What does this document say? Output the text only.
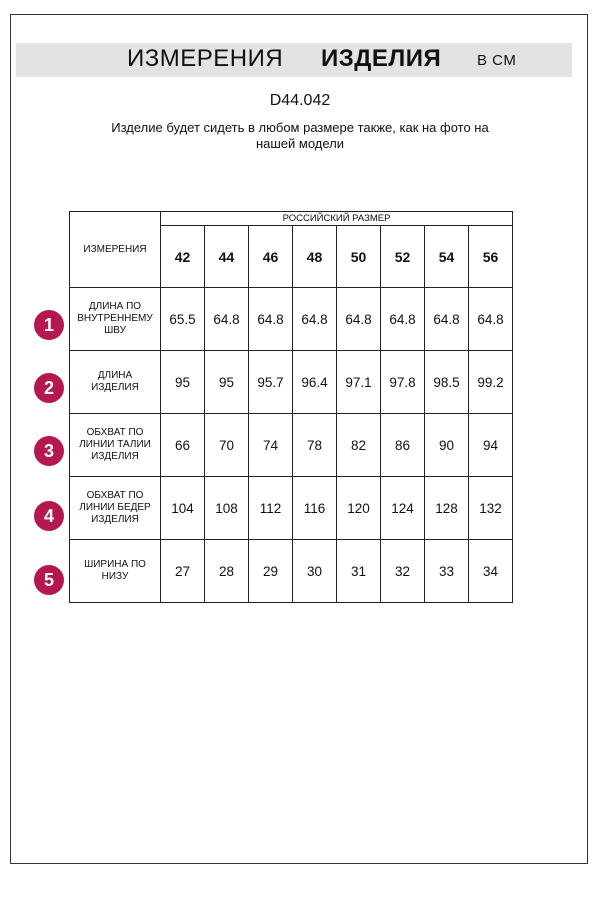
ИЗМЕРЕНИЯ ИЗДЕЛИЯ В СМ
D44.042
Изделие будет сидеть в любом размере также, как на фото на
нашей модели
ИЗМЕРЕНИЯ	РОССИЙСКИЙ РАЗМЕР							
	42	44	46	48	50	52	54	56

ДЛИНА ПО
ВНУТРЕННЕМУ
ШВУ	65.5	64.8	64.8	64.8	64.8	64.8	64.8	64.8

ДЛИНА
ИЗДЕЛИЯ	95	95	95.7	96.4	97.1	97.8	98.5	99.2

ОБХВАТ ПО
ЛИНИИ ТАЛИИ
ИЗДЕЛИЯ	66	70	74	78	82	86	90	94

ОБХВАТ ПО
ЛИНИИ БЕДЕР
ИЗДЕЛИЯ	104	108	112	116	120	124	128	132

ШИРИНА ПО
НИЗУ	27	28	29	30	31	32	33	34
1
2
3
4
5
